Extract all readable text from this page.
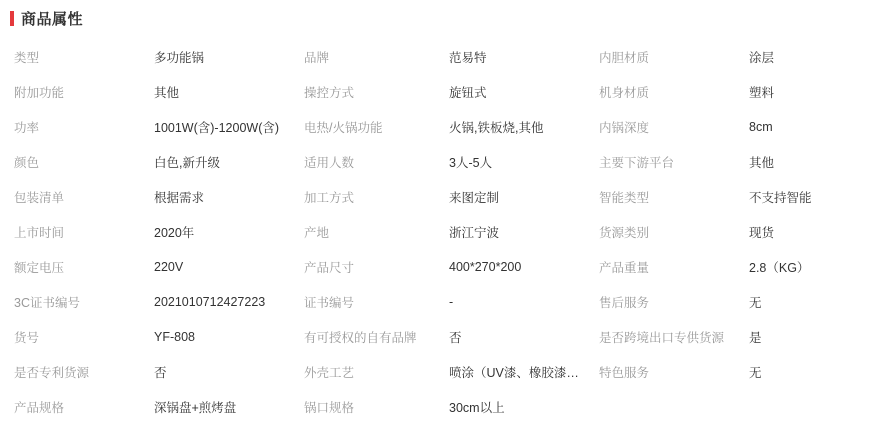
商品属性
类型	多功能锅	品牌	范易特	内胆材质	涂层
附加功能	其他	操控方式	旋钮式	机身材质	塑料
功率	1001W(含)-1200W(含)	电热/火锅功能	火锅,铁板烧,其他	内锅深度	8cm
颜色	白色,新升级	适用人数	3人-5人	主要下游平台	其他
包装清单	根据需求	加工方式	来图定制	智能类型	不支持智能
上市时间	2020年	产地	浙江宁波	货源类别	现货
额定电压	220V	产品尺寸	400*270*200	产品重量	2.8（KG）
3C证书编号	2021010712427223	证书编号	-	售后服务	无
货号	YF-808	有可授权的自有品牌	否	是否跨境出口专供货源	是
是否专利货源	否	外壳工艺	喷涂（UV漆、橡胶漆…	特色服务	无
产品规格	深锅盘+煎烤盘	锅口规格	30cm以上
